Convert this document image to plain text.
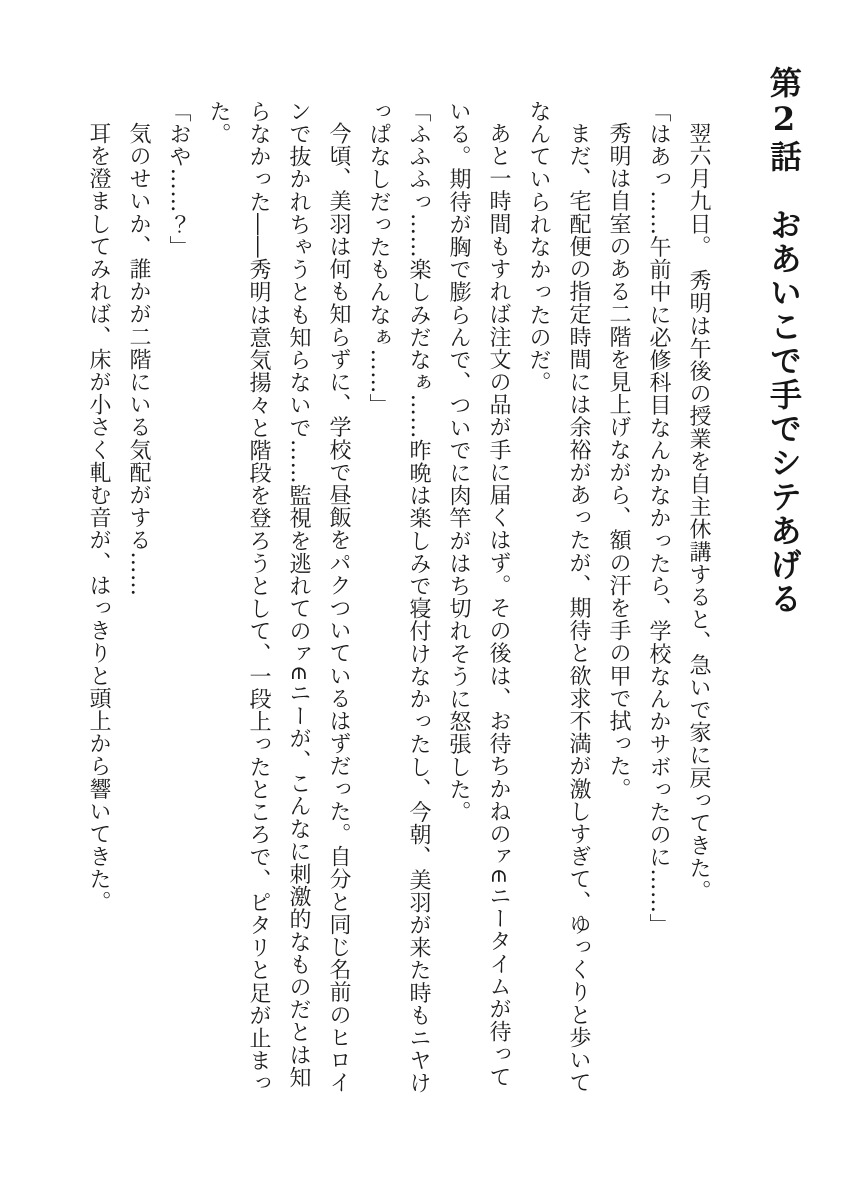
第2話　おあいこで手でシテあげる
翌六月九日。　秀明は午後の授業を自主休講すると、急いで家に戻ってきた。
「はあっ……午前中に必修科目なんかなかったら、学校なんかサボったのに……」
秀明は自室のある二階を見上げながら、額の汗を手の甲で拭った。
まだ、宅配便の指定時間には余裕があったが、期待と欲求不満が激しすぎて、ゆっくりと歩いて
なんていられなかったのだ。
あと一時間もすれば注文の品が手に届くはず。その後は、お待ちかねのァ∈ニータイムが待って
いる。期待が胸で膨らんで、ついでに肉竿がはち切れそうに怒張した。
「ふふふっ……楽しみだなぁ……昨晩は楽しみで寝付けなかったし、今朝、美羽が来た時もニヤけ
っぱなしだったもんなぁ……」
今頃、美羽は何も知らずに、学校で昼飯をパクついているはずだった。自分と同じ名前のヒロイ
ンで抜かれちゃうとも知らないで……監視を逃れてのァ∈ニーが、こんなに刺激的なものだとは知
らなかった――秀明は意気揚々と階段を登ろうとして、一段上ったところで、ピタリと足が止まっ
た。
「おや……？」
気のせいか、誰かが二階にいる気配がする……
耳を澄ましてみれば、床が小さく軋む音が、はっきりと頭上から響いてきた。
